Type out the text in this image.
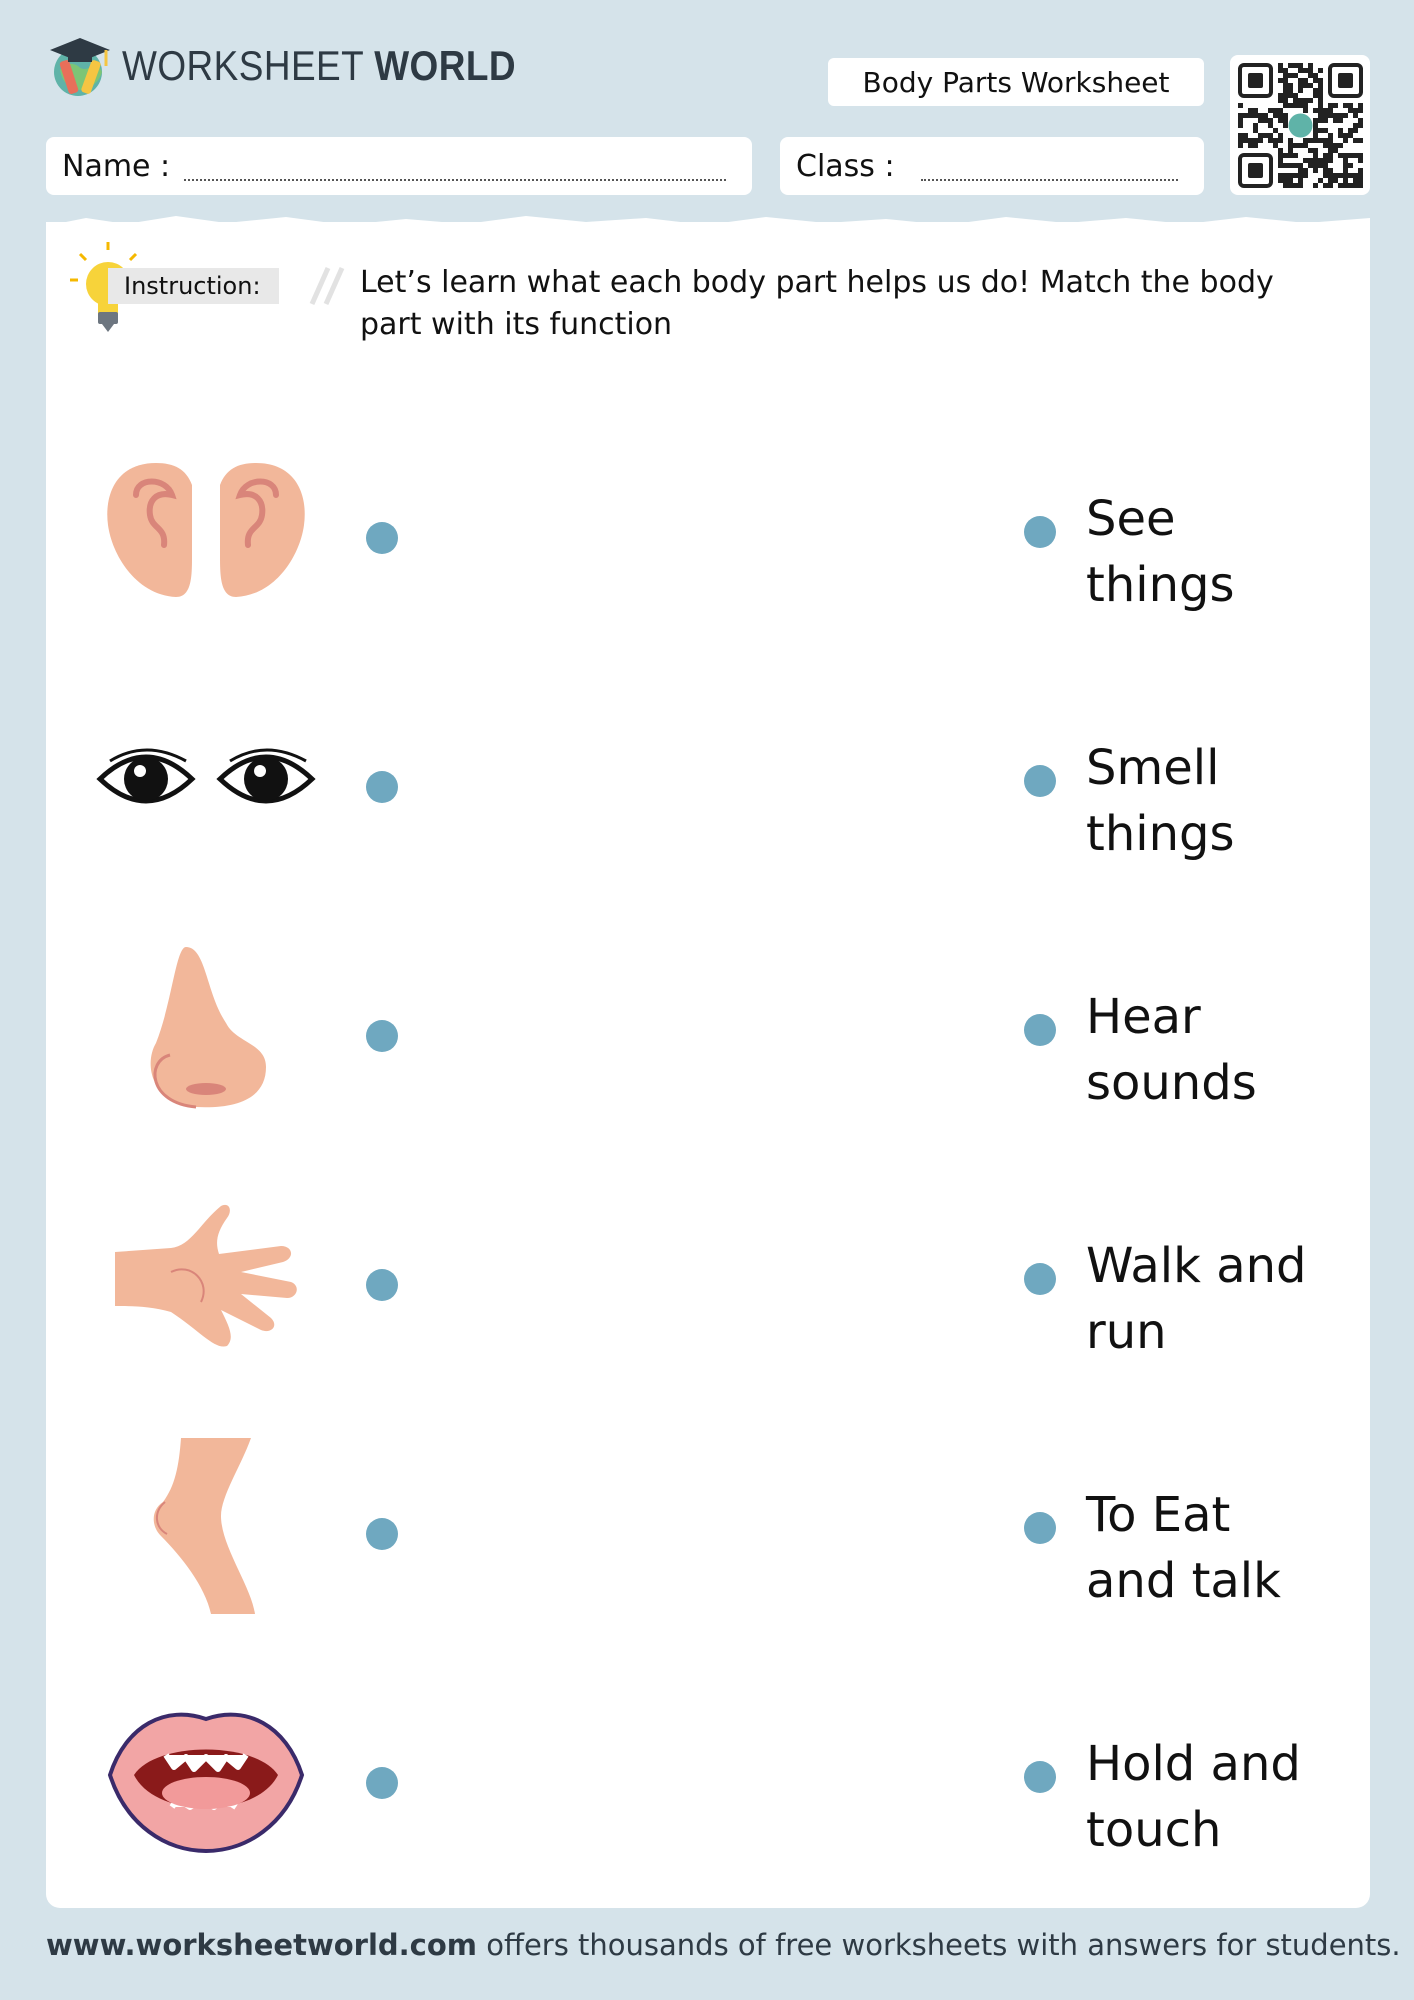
WORKSHEET WORLD	Body Parts Worksheet
Name :	Class :
Instruction:	Let’s learn what each body part helps us do! Match the body part with its function
See
things
Smell
things
Hear
sounds
Walk and
run
To Eat
and talk
Hold and
touch
www.worksheetworld.com offers thousands of free worksheets with answers for students.
